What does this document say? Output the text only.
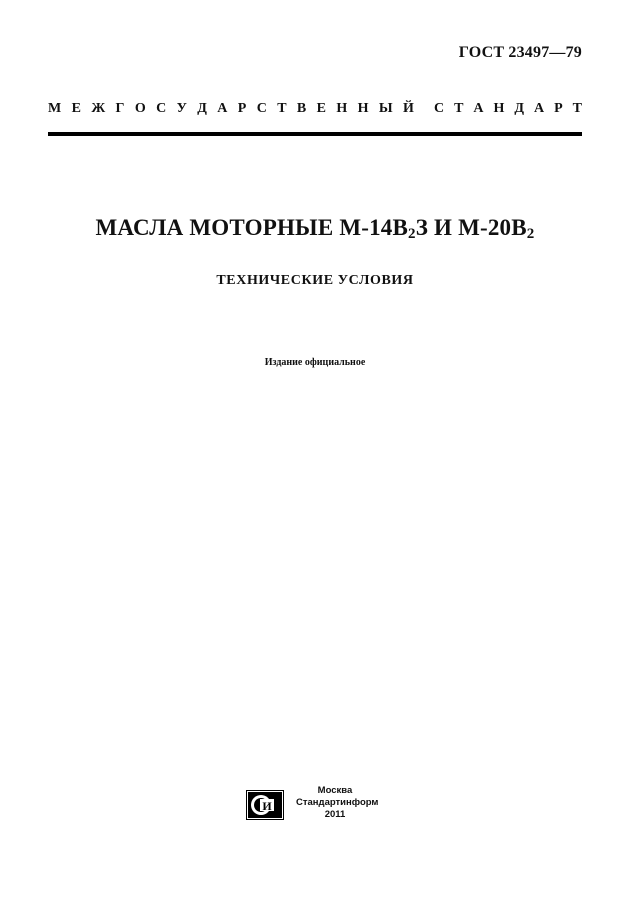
ГОСТ 23497—79
М Е Ж Г О С У Д А Р С Т В Е Н Н Ы Й С Т А Н Д А Р Т
МАСЛА МОТОРНЫЕ $М-14В_2З$ И $М-20В_2$
ТЕХНИЧЕСКИЕ УСЛОВИЯ
Издание официальное
И
Москва
Стандартинформ
2011
